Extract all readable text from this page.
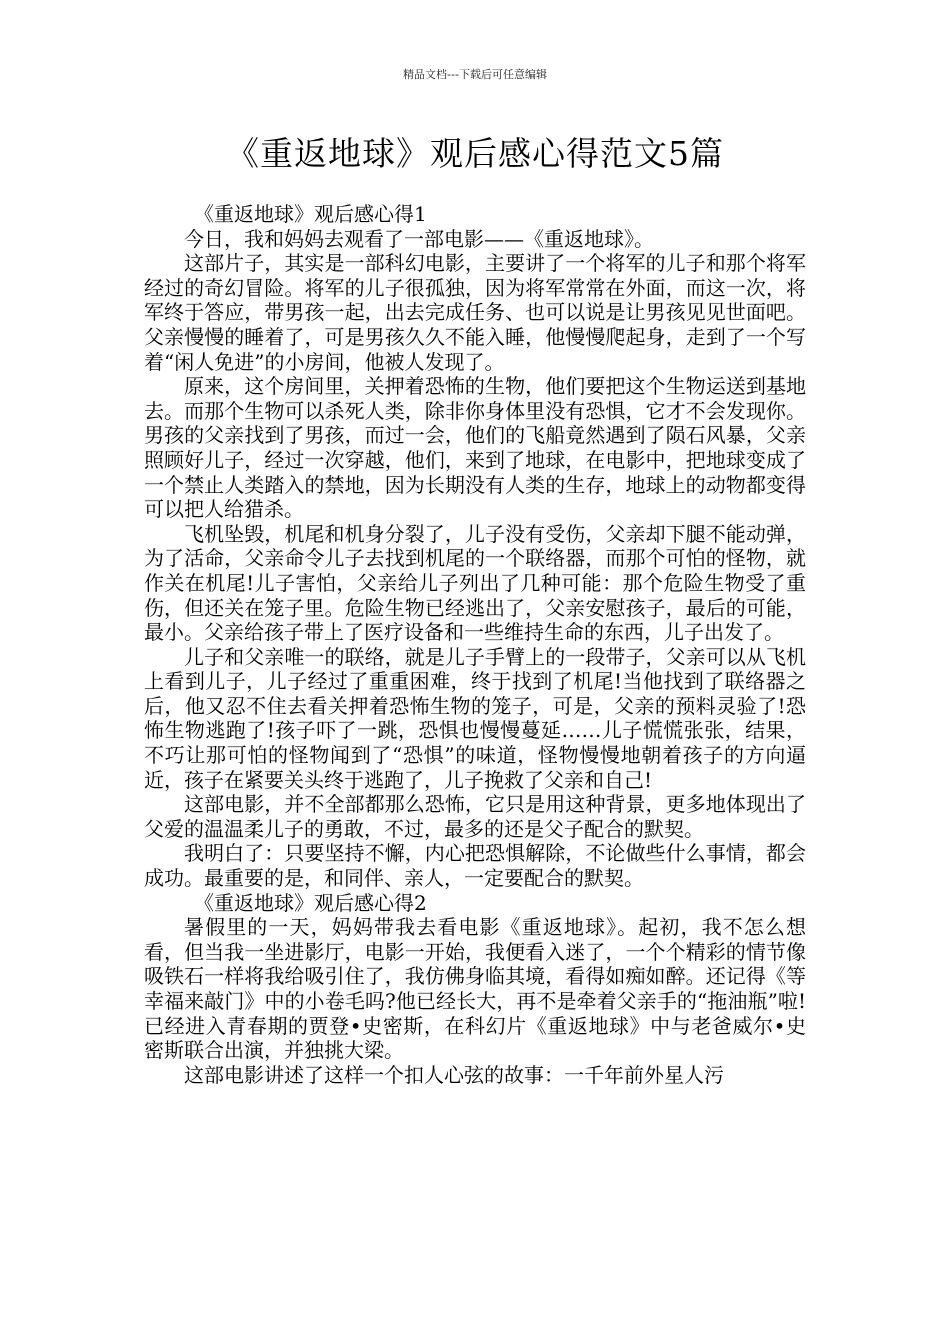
精品文档---下载后可任意编辑
《重返地球》观后感心得范文5篇

《重返地球》观后感心得1

今日，我和妈妈去观看了一部电影——《重返地球》。

这部片子，其实是一部科幻电影，主要讲了一个将军的儿子和那个将军经过的奇幻冒险。将军的儿子很孤独，因为将军常常在外面，而这一次，将军终于答应，带男孩一起，出去完成任务、也可以说是让男孩见见世面吧。父亲慢慢的睡着了，可是男孩久久不能入睡，他慢慢爬起身，走到了一个写着“闲人免进”的小房间，他被人发现了。

原来，这个房间里，关押着恐怖的生物，他们要把这个生物运送到基地去。而那个生物可以杀死人类，除非你身体里没有恐惧，它才不会发现你。男孩的父亲找到了男孩，而过一会，他们的飞船竟然遇到了陨石风暴，父亲照顾好儿子，经过一次穿越，他们，来到了地球，在电影中，把地球变成了一个禁止人类踏入的禁地，因为长期没有人类的生存，地球上的动物都变得可以把人给猎杀。

飞机坠毁，机尾和机身分裂了，儿子没有受伤，父亲却下腿不能动弹，为了活命，父亲命令儿子去找到机尾的一个联络器，而那个可怕的怪物，就作关在机尾!儿子害怕，父亲给儿子列出了几种可能：那个危险生物受了重伤，但还关在笼子里。危险生物已经逃出了，父亲安慰孩子，最后的可能，最小。父亲给孩子带上了医疗设备和一些维持生命的东西，儿子出发了。

儿子和父亲唯一的联络，就是儿子手臂上的一段带子，父亲可以从飞机上看到儿子，儿子经过了重重困难，终于找到了机尾!当他找到了联络器之后，他又忍不住去看关押着恐怖生物的笼子，可是，父亲的预料灵验了!恐怖生物逃跑了!孩子吓了一跳，恐惧也慢慢蔓延……儿子慌慌张张，结果，不巧让那可怕的怪物闻到了“恐惧”的味道，怪物慢慢地朝着孩子的方向逼近，孩子在紧要关头终于逃跑了，儿子挽救了父亲和自己!

这部电影，并不全部都那么恐怖，它只是用这种背景，更多地体现出了父爱的温温柔儿子的勇敢，不过，最多的还是父子配合的默契。

我明白了：只要坚持不懈，内心把恐惧解除，不论做些什么事情，都会成功。最重要的是，和同伴、亲人，一定要配合的默契。

《重返地球》观后感心得2

暑假里的一天，妈妈带我去看电影《重返地球》。起初，我不怎么想看，但当我一坐进影厅，电影一开始，我便看入迷了，一个个精彩的情节像吸铁石一样将我给吸引住了，我仿佛身临其境，看得如痴如醉。还记得《等幸福来敲门》中的小卷毛吗?他已经长大，再不是牵着父亲手的“拖油瓶”啦!已经进入青春期的贾登•史密斯，在科幻片《重返地球》中与老爸威尔•史密斯联合出演，并独挑大梁。

这部电影讲述了这样一个扣人心弦的故事：一千年前外星人污
